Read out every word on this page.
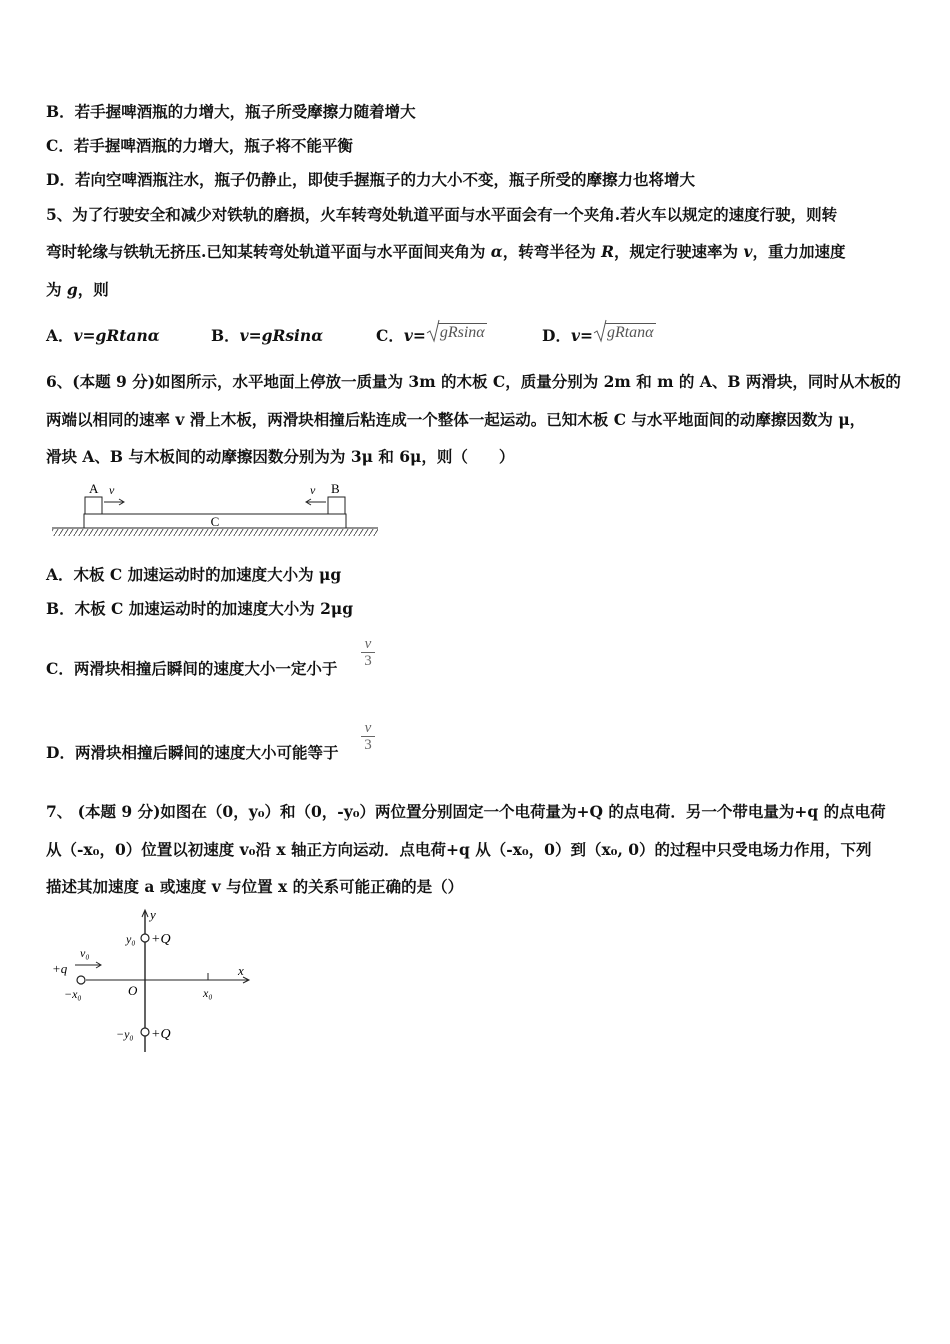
B．若手握啤酒瓶的力增大，瓶子所受摩擦力随着增大
C．若手握啤酒瓶的力增大，瓶子将不能平衡
D．若向空啤酒瓶注水，瓶子仍静止，即使手握瓶子的力大小不变，瓶子所受的摩擦力也将增大
5、为了行驶安全和减少对铁轨的磨损，火车转弯处轨道平面与水平面会有一个夹角.若火车以规定的速度行驶，则转
弯时轮缘与铁轨无挤压.已知某转弯处轨道平面与水平面间夹角为 α，转弯半径为 R，规定行驶速率为 v，重力加速度
为 g，则
A．v=gRtanα	B．v=gRsinα	C．v= gRsinα	D．v= gRtanα
6、(本题 9 分)如图所示，水平地面上停放一质量为 3m 的木板 C，质量分别为 2m 和 m 的 A、B 两滑块，同时从木板的
两端以相同的速率 v 滑上木板，两滑块相撞后粘连成一个整体一起运动。已知木板 C 与水平地面间的动摩擦因数为 μ，
滑块 A、B 与木板间的动摩擦因数分别为为 3μ 和 6μ，则（　　）
C
A v	B
v
A．木板 C 加速运动时的加速度大小为 μg
B．木板 C 加速运动时的加速度大小为 2μg
C．两滑块相撞后瞬间的速度大小一定小于 $\frac{v}{3}$
D．两滑块相撞后瞬间的速度大小可能等于 $\frac{v}{3}$
7、 (本题 9 分)如图在（0，y₀）和（0，-y₀）两位置分别固定一个电荷量为+Q 的点电荷．另一个带电量为+q 的点电荷
从（-x₀，0）位置以初速度 v₀沿 x 轴正方向运动．点电荷+q 从（-x₀，0）到（x₀, 0）的过程中只受电场力作用，下列
描述其加速度 a 或速度 v 与位置 x 的关系可能正确的是（）
x
y
y₀ +Q
−y₀ +Q
+q
v₀
−x₀	O	x₀
